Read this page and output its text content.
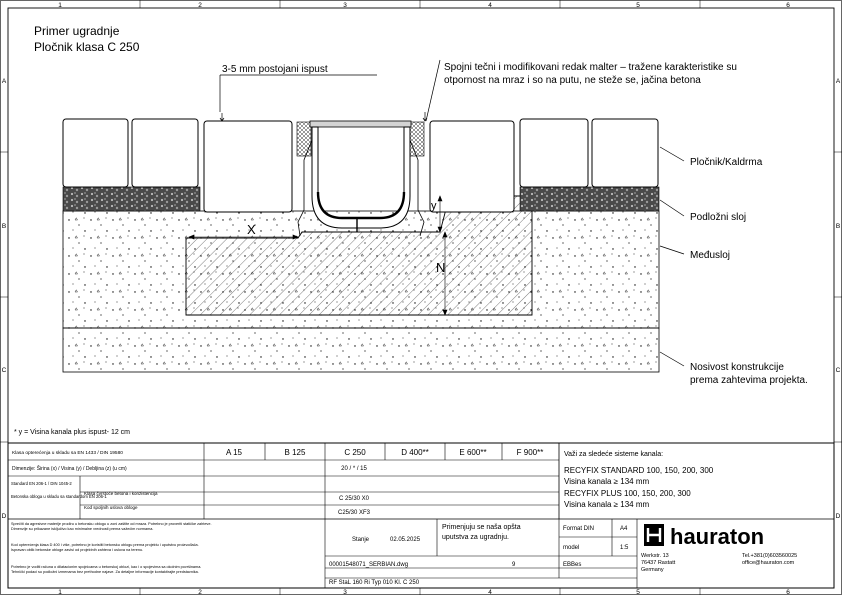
1	2	3	4	5	6
1	2	3	4	5	6
A
B
C
D
A
B
C
D
Primer ugradnje
Pločnik klasa C 250
X
N
y
3-5 mm postojani ispust	Spojni tečni i modifikovani redak malter – tražene karakteristike su
otpornost na mraz i so na putu, ne steže se, jačina betona
Pločnik/Kaldrma
Podložni sloj
Međusloj
Nosivost konstrukcije
prema zahtevima projekta.
* y = Visina kanala plus ispust- 12 cm
Klasa opterećenja u skladu sa EN 1433 / DIN 19580	A 15	B 125	C 250	D 400**	E 600**	F 900**
Dimenzije: Širina (x) / Visina (y) / Debljina (z) (u cm)	20 / * / 15
Standard EN 206-1 / DIN 1045-2
Betonska obloga u skladu sa standardom EN 206-1
Klasa čvrstoće betona i konzistencija
C 25/30 X0
Kod spoljnih uslova obloge
C25/30 XF3
Važi za sledeće sisteme kanala:
RECYFIX STANDARD 100, 150, 200, 300
Visina kanala ≥ 134 mm
RECYFIX PLUS 100, 150, 200, 300
Visina kanala ≥ 134 mm
Sprečiti da agresivne materije prodiru u betonsku oblogu u zoni zaštite od mraza. Potrebno je proveriti statičke zahteve.
Dimenzije su prikazane isključivo kao minimalne vrednosti prema važećim normama.
Kod opterećenja klasa D 400 i više, potrebno je koristiti betonsku oblogu prema projektu i uputstvu proizvođača.
Ispravan oblik betonske obloge zavisi od projektnih zahteva i uslova na terenu.
Potrebno je voditi računa o dilatacionim spojnicama u betonskoj oblozi, kao i o spojevima sa okolnim površinama.
Tehnički podaci su podložni izmenama bez prethodne najave. Za detaljne informacije kontaktirajte predstavnika.
Stanje	02.05.2025
Primenjuju se naša opšta
uputstva za ugradnju.
Format DIN	A4
model	1:5
00001548071_SERBIAN.dwg	9	EBBes
RF StaL 160 Ri Typ 010 Kl. C 250
hauraton
Werkstr. 13
76437 Rastatt
Germany
Tel.+381(0)603560025
office@hauraton.com
